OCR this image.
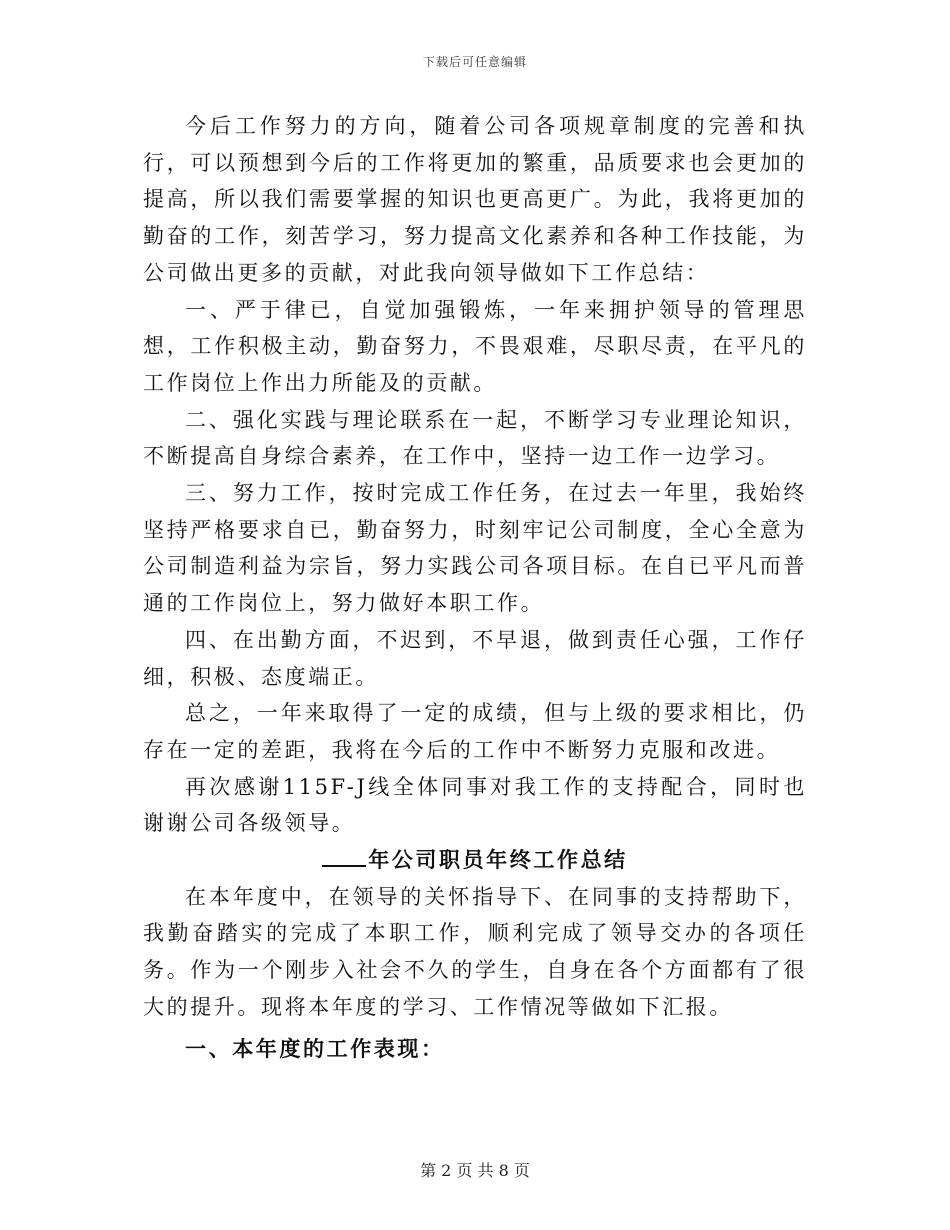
下载后可任意编辑

今后工作努力的方向，随着公司各项规章制度的完善和执行，可以预想到今后的工作将更加的繁重，品质要求也会更加的提高，所以我们需要掌握的知识也更高更广。为此，我将更加的勤奋的工作，刻苦学习，努力提高文化素养和各种工作技能，为公司做出更多的贡献，对此我向领导做如下工作总结：

一、严于律已，自觉加强锻炼，一年来拥护领导的管理思想，工作积极主动，勤奋努力，不畏艰难，尽职尽责，在平凡的工作岗位上作出力所能及的贡献。

二、强化实践与理论联系在一起，不断学习专业理论知识，不断提高自身综合素养，在工作中，坚持一边工作一边学习。

三、努力工作，按时完成工作任务，在过去一年里，我始终坚持严格要求自已，勤奋努力，时刻牢记公司制度，全心全意为公司制造利益为宗旨，努力实践公司各项目标。在自已平凡而普通的工作岗位上，努力做好本职工作。

四、在出勤方面，不迟到，不早退，做到责任心强，工作仔细，积极、态度端正。

总之，一年来取得了一定的成绩，但与上级的要求相比，仍存在一定的差距，我将在今后的工作中不断努力克服和改进。

再次感谢115F-J线全体同事对我工作的支持配合，同时也谢谢公司各级领导。

年公司职员年终工作总结

在本年度中，在领导的关怀指导下、在同事的支持帮助下，我勤奋踏实的完成了本职工作，顺利完成了领导交办的各项任务。作为一个刚步入社会不久的学生，自身在各个方面都有了很大的提升。现将本年度的学习、工作情况等做如下汇报。

一、本年度的工作表现：

第 2 页 共 8 页
